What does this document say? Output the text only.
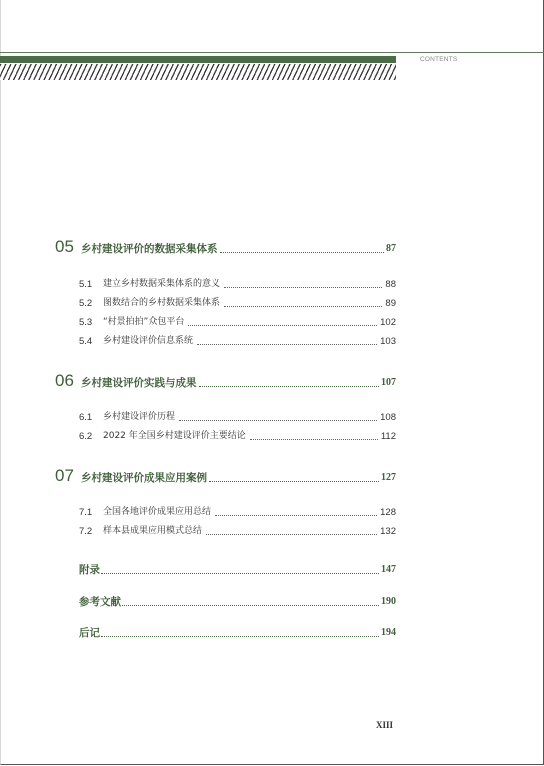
CONTENTS
05 乡村建设评价的数据采集体系	87
5.1	建立乡村数据采集体系的意义	88
5.2	图数结合的乡村数据采集体系	89
5.3	“村景拍拍”众包平台	102
5.4	乡村建设评价信息系统	103
06 乡村建设评价实践与成果	107
6.1	乡村建设评价历程	108
6.2	2022 年全国乡村建设评价主要结论	112
07 乡村建设评价成果应用案例	127
7.1	全国各地评价成果应用总结	128
7.2	样本县成果应用模式总结	132
附录	147
参考文献	190
后记	194
XIII
